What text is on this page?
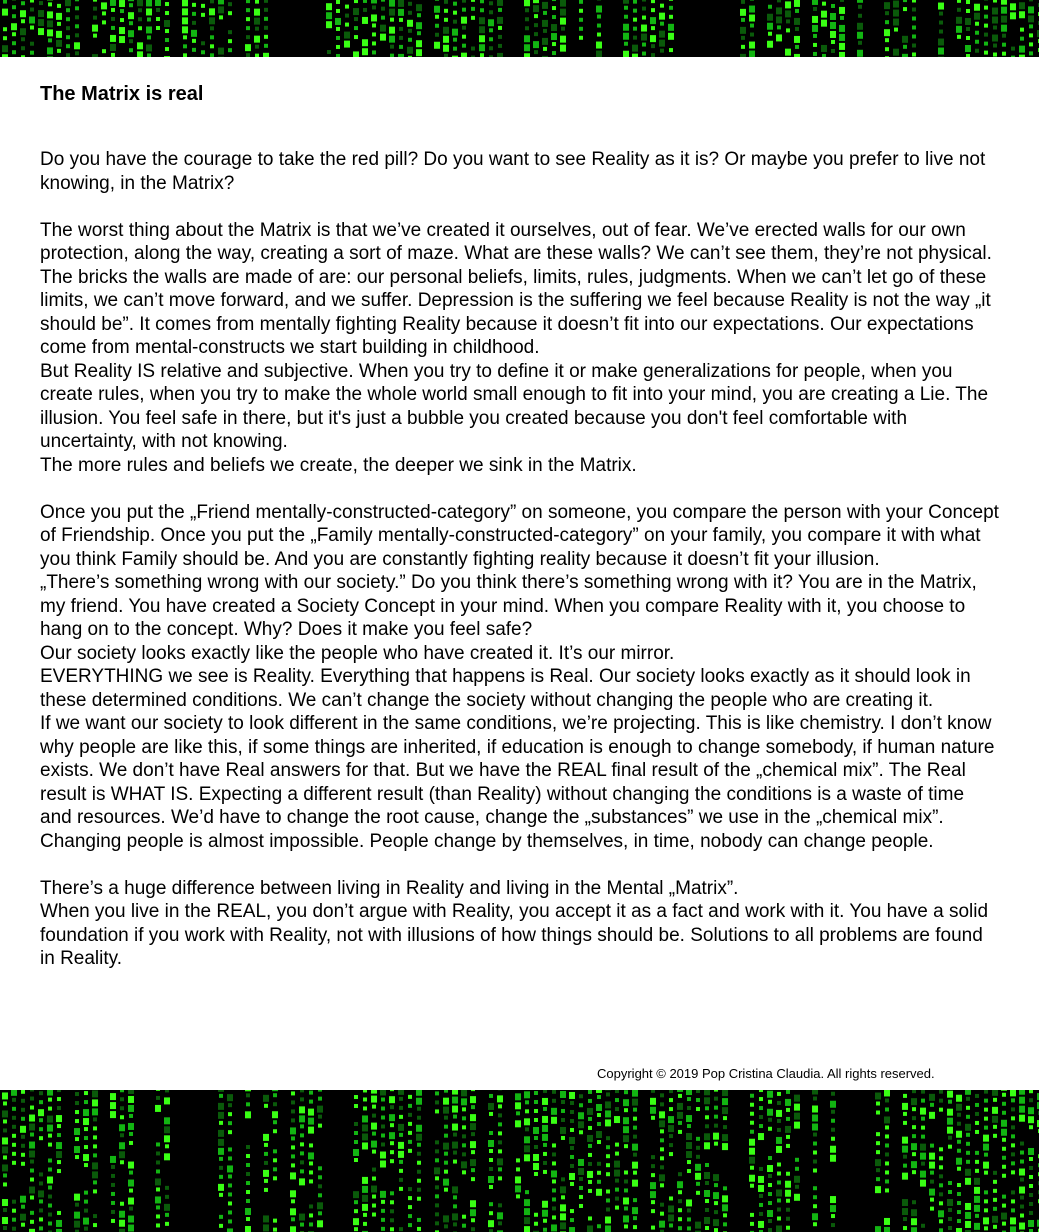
The Matrix is real

Do you have the courage to take the red pill? Do you want to see Reality as it is? Or maybe you prefer to live not knowing, in the Matrix?

The worst thing about the Matrix is that we’ve created it ourselves, out of fear. We’ve erected walls for our own protection, along the way, creating a sort of maze. What are these walls? We can’t see them, they’re not physical. The bricks the walls are made of are: our personal beliefs, limits, rules, judgments. When we can’t let go of these limits, we can’t move forward, and we suffer. Depression is the suffering we feel because Reality is not the way „it should be”. It comes from mentally fighting Reality because it doesn’t fit into our expectations. Our expectations come from mental-constructs we start building in childhood.

But Reality IS relative and subjective. When you try to define it or make generalizations for people, when you create rules, when you try to make the whole world small enough to fit into your mind, you are creating a Lie. The illusion. You feel safe in there, but it's just a bubble you created because you don't feel comfortable with uncertainty, with not knowing.

The more rules and beliefs we create, the deeper we sink in the Matrix.

Once you put the „Friend mentally-constructed-category” on someone, you compare the person with your Concept of Friendship. Once you put the „Family mentally-constructed-category” on your family, you compare it with what you think Family should be. And you are constantly fighting reality because it doesn’t fit your illusion.

„There’s something wrong with our society.” Do you think there’s something wrong with it? You are in the Matrix, my friend. You have created a Society Concept in your mind. When you compare Reality with it, you choose to hang on to the concept. Why? Does it make you feel safe?

Our society looks exactly like the people who have created it. It’s our mirror.

EVERYTHING we see is Reality. Everything that happens is Real. Our society looks exactly as it should look in these determined conditions. We can’t change the society without changing the people who are creating it.

If we want our society to look different in the same conditions, we’re projecting. This is like chemistry. I don’t know why people are like this, if some things are inherited, if education is enough to change somebody, if human nature exists. We don’t have Real answers for that. But we have the REAL final result of the „chemical mix”. The Real result is WHAT IS. Expecting a different result (than Reality) without changing the conditions is a waste of time and resources. We’d have to change the root cause, change the „substances” we use in the „chemical mix”. Changing people is almost impossible. People change by themselves, in time, nobody can change people.

There’s a huge difference between living in Reality and living in the Mental „Matrix”.

When you live in the REAL, you don’t argue with Reality, you accept it as a fact and work with it. You have a solid foundation if you work with Reality, not with illusions of how things should be. Solutions to all problems are found in Reality.

Copyright © 2019 Pop Cristina Claudia. All rights reserved.
